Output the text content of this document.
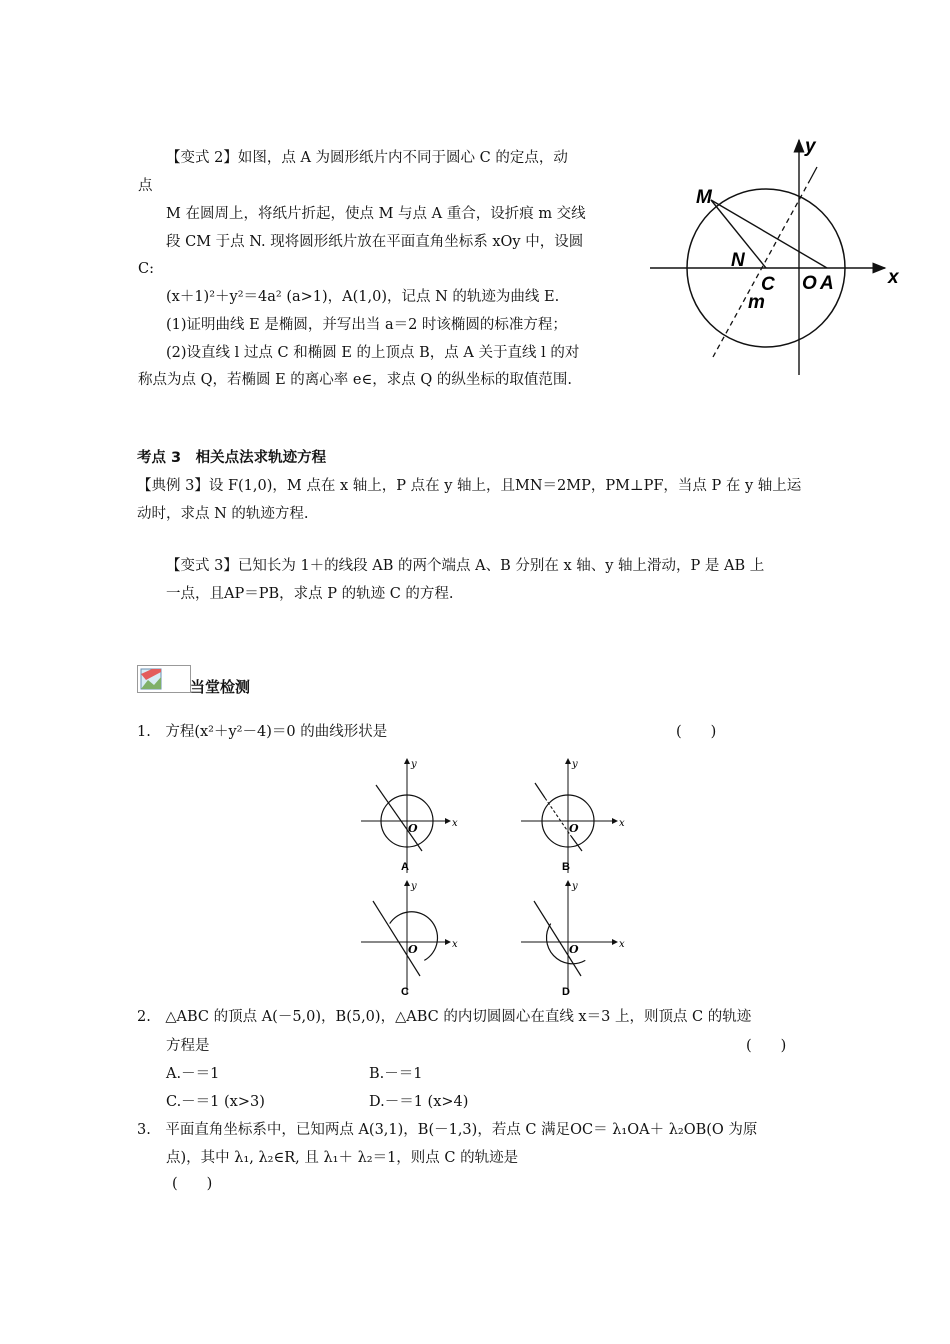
【变式 2】如图，点 A 为圆形纸片内不同于圆心 C 的定点，动
点
M 在圆周上，将纸片折起，使点 M 与点 A 重合，设折痕 m 交线
段 CM 于点 N. 现将圆形纸片放在平面直角坐标系 xOy 中，设圆
C:
(x＋1)²＋y²＝4a² (a>1)，A(1,0)，记点 N 的轨迹为曲线 E.
(1)证明曲线 E 是椭圆，并写出当 a＝2 时该椭圆的标准方程；
(2)设直线 l 过点 C 和椭圆 E 的上顶点 B，点 A 关于直线 l 的对
称点为点 Q，若椭圆 E 的离心率 e∈，求点 Q 的纵坐标的取值范围.
x
y
M
N
C O A
m
考点 3　相关点法求轨迹方程
【典例 3】设 F(1,0)，M 点在 x 轴上，P 点在 y 轴上，且MN＝2MP，PM⊥PF，当点 P 在 y 轴上运
动时，求点 N 的轨迹方程.
【变式 3】已知长为 1＋的线段 AB 的两个端点 A、B 分别在 x 轴、y 轴上滑动，P 是 AB 上
一点，且AP＝PB，求点 P 的轨迹 C 的方程.
当堂检测
1.　方程(x²＋y²－4)＝0 的曲线形状是	(　　)
x
y
O
A
x
y
O
B
x
y
O
C
x
y
O
D
2.　△ABC 的顶点 A(－5,0)，B(5,0)，△ABC 的内切圆圆心在直线 x＝3 上，则顶点 C 的轨迹
方程是	(　　)
A.－＝1	B.－＝1
C.－＝1 (x>3)	D.－＝1 (x>4)
3.　平面直角坐标系中，已知两点 A(3,1)，B(－1,3)，若点 C 满足OC＝ λ₁OA＋ λ₂OB(O 为原
点)，其中 λ₁, λ₂∈R, 且 λ₁＋ λ₂＝1，则点 C 的轨迹是
(　　)
